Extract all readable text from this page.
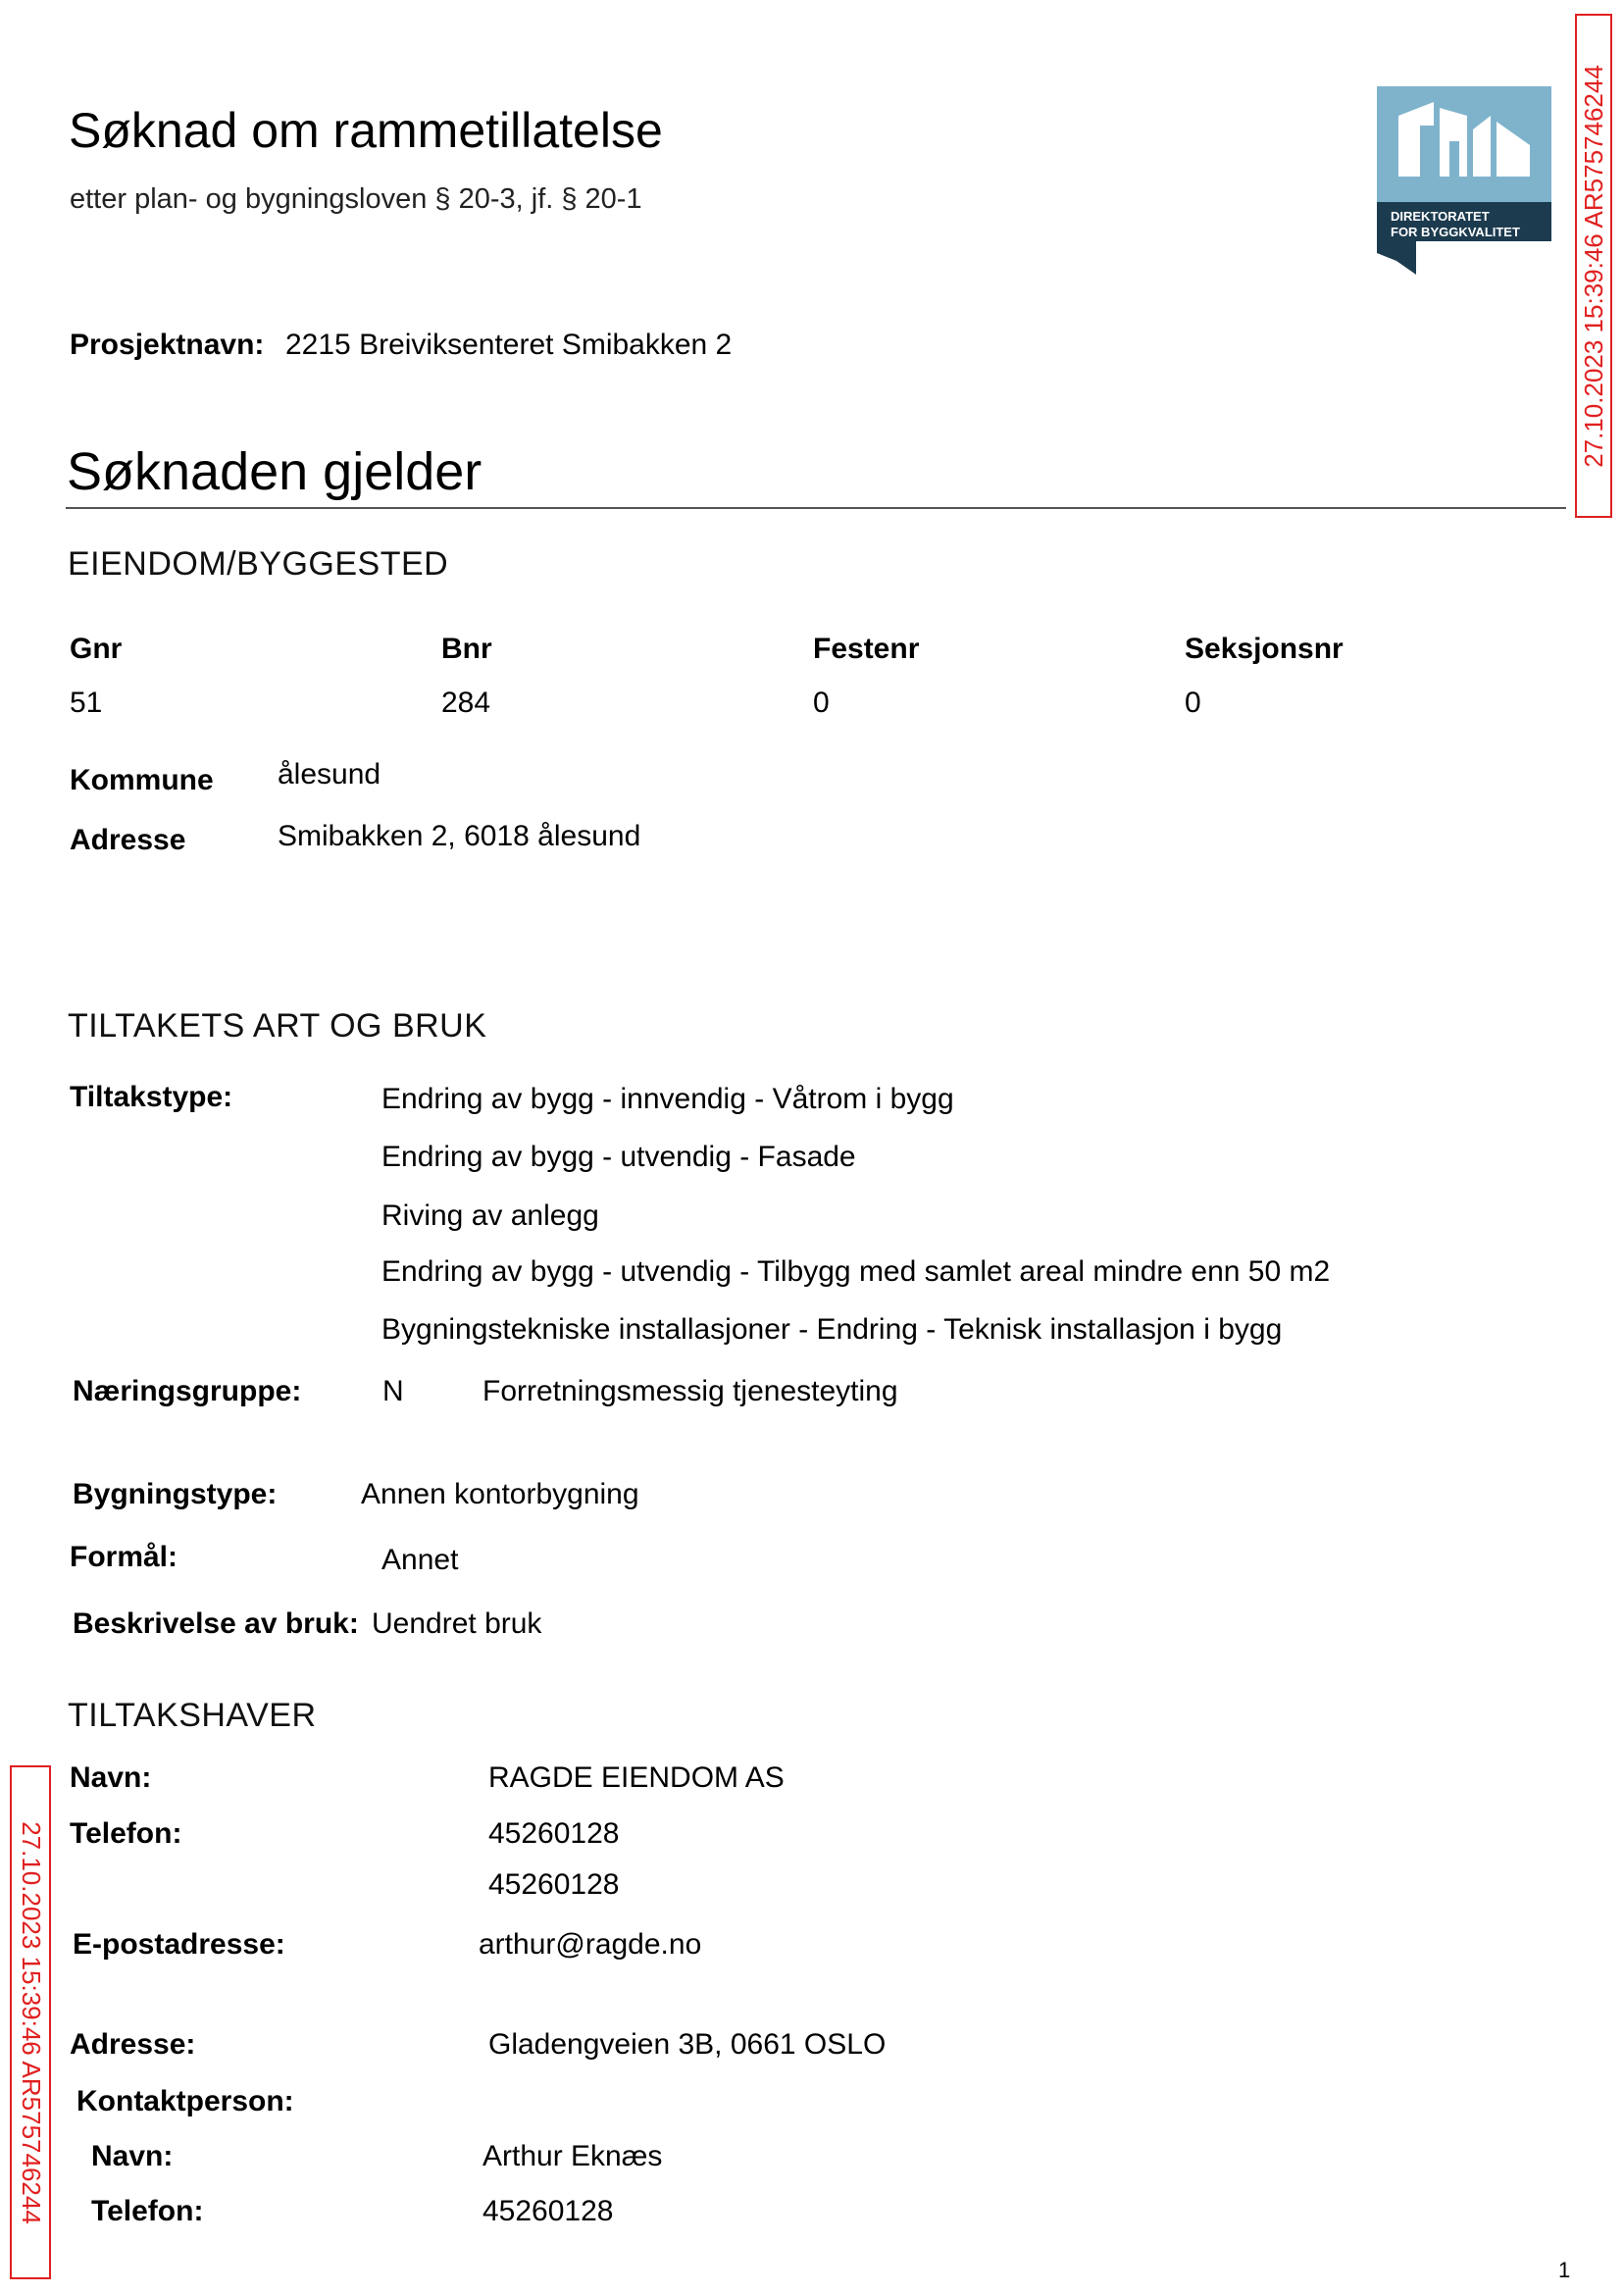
Søknad om rammetillatelse
etter plan- og bygningsloven § 20-3, jf. § 20-1
DIREKTORATET
FOR BYGGKVALITET 27.10.2023 15:39:46 AR575746244
27.10.2023 15:39:46 AR575746244
Prosjektnavn: 2215 Breiviksenteret Smibakken 2
Søknaden gjelder
EIENDOM/BYGGESTED
Gnr	Bnr	Festenr	Seksjonsnr
51	284	0	0
Kommune ålesund
Adresse	Smibakken 2, 6018 ålesund
TILTAKETS ART OG BRUK
Tiltakstype:	Endring av bygg - innvendig - Våtrom i bygg
Endring av bygg - utvendig - Fasade
Riving av anlegg
Endring av bygg - utvendig - Tilbygg med samlet areal mindre enn 50 m2
Bygningstekniske installasjoner - Endring - Teknisk installasjon i bygg
Næringsgruppe:	N	Forretningsmessig tjenesteyting
Bygningstype:	Annen kontorbygning
Formål:	Annet
Beskrivelse av bruk: Uendret bruk
TILTAKSHAVER
Navn:	RAGDE EIENDOM AS
Telefon:	45260128
45260128
E-postadresse:	arthur@ragde.no
Adresse:	Gladengveien 3B, 0661 OSLO
Kontaktperson:
Navn:	Arthur Eknæs
Telefon:	45260128
1
